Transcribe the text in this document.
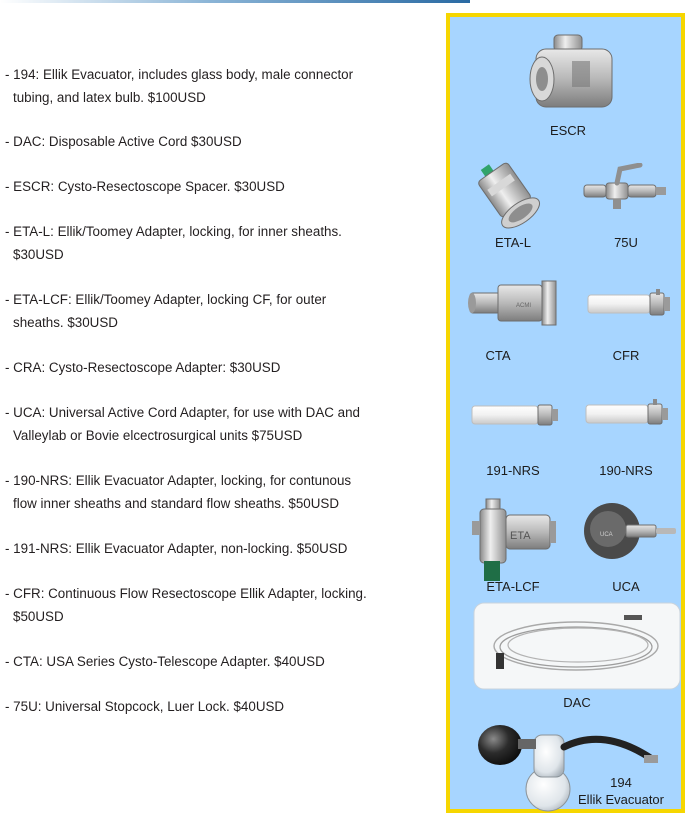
- 194: Ellik Evacuator, includes glass body, male connector
tubing, and latex bulb. $100USD
- DAC: Disposable Active Cord $30USD
- ESCR: Cysto-Resectoscope Spacer. $30USD
- ETA-L: Ellik/Toomey Adapter, locking, for inner sheaths.
$30USD
- ETA-LCF: Ellik/Toomey Adapter, locking CF, for outer
sheaths. $30USD
- CRA: Cysto-Resectoscope Adapter: $30USD
- UCA: Universal Active Cord Adapter, for use with DAC and
Valleylab or Bovie elcectrosurgical units $75USD
- 190-NRS: Ellik Evacuator Adapter, locking, for contunous
flow inner sheaths and standard flow sheaths. $50USD
- 191-NRS: Ellik Evacuator Adapter, non-locking. $50USD
- CFR: Continuous Flow Resectoscope Ellik Adapter, locking.
$50USD
- CTA: USA Series Cysto-Telescope Adapter. $40USD
- 75U: Universal Stopcock, Luer Lock. $40USD
ESCR
ETA-L	75U
ACMI
CTA	CFR
191-NRS	190-NRS
ETA
ETA-LCF
UCA
UCA
DAC
194
Ellik Evacuator
